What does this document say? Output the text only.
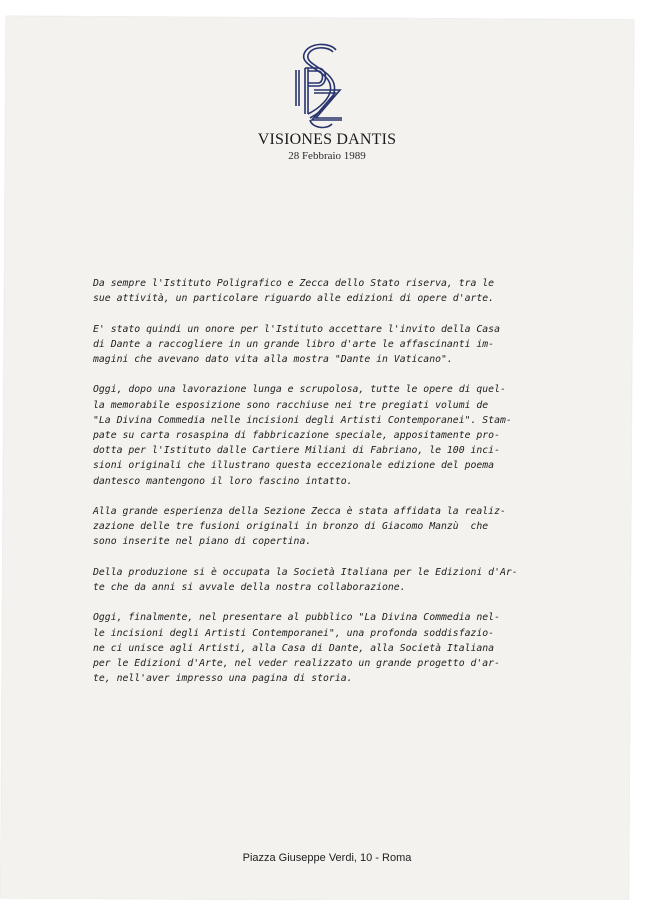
VISIONES DANTIS
28 Febbraio 1989

Da sempre l'Istituto Poligrafico e Zecca dello Stato riserva, tra le
sue attività, un particolare riguardo alle edizioni di opere d'arte.

E' stato quindi un onore per l'Istituto accettare l'invito della Casa
di Dante a raccogliere in un grande libro d'arte le affascinanti im-
magini che avevano dato vita alla mostra "Dante in Vaticano".

Oggi, dopo una lavorazione lunga e scrupolosa, tutte le opere di quel-
la memorabile esposizione sono racchiuse nei tre pregiati volumi de
"La Divina Commedia nelle incisioni degli Artisti Contemporanei". Stam-
pate su carta rosaspina di fabbricazione speciale, appositamente pro-
dotta per l'Istituto dalle Cartiere Miliani di Fabriano, le 100 inci-
sioni originali che illustrano questa eccezionale edizione del poema
dantesco mantengono il loro fascino intatto.

Alla grande esperienza della Sezione Zecca è stata affidata la realiz-
zazione delle tre fusioni originali in bronzo di Giacomo Manzù  che
sono inserite nel piano di copertina.

Della produzione si è occupata la Società Italiana per le Edizioni d'Ar-
te che da anni si avvale della nostra collaborazione.

Oggi, finalmente, nel presentare al pubblico "La Divina Commedia nel-
le incisioni degli Artisti Contemporanei", una profonda soddisfazio-
ne ci unisce agli Artisti, alla Casa di Dante, alla Società Italiana
per le Edizioni d'Arte, nel veder realizzato un grande progetto d'ar-
te, nell'aver impresso una pagina di storia.

Piazza Giuseppe Verdi, 10 - Roma
